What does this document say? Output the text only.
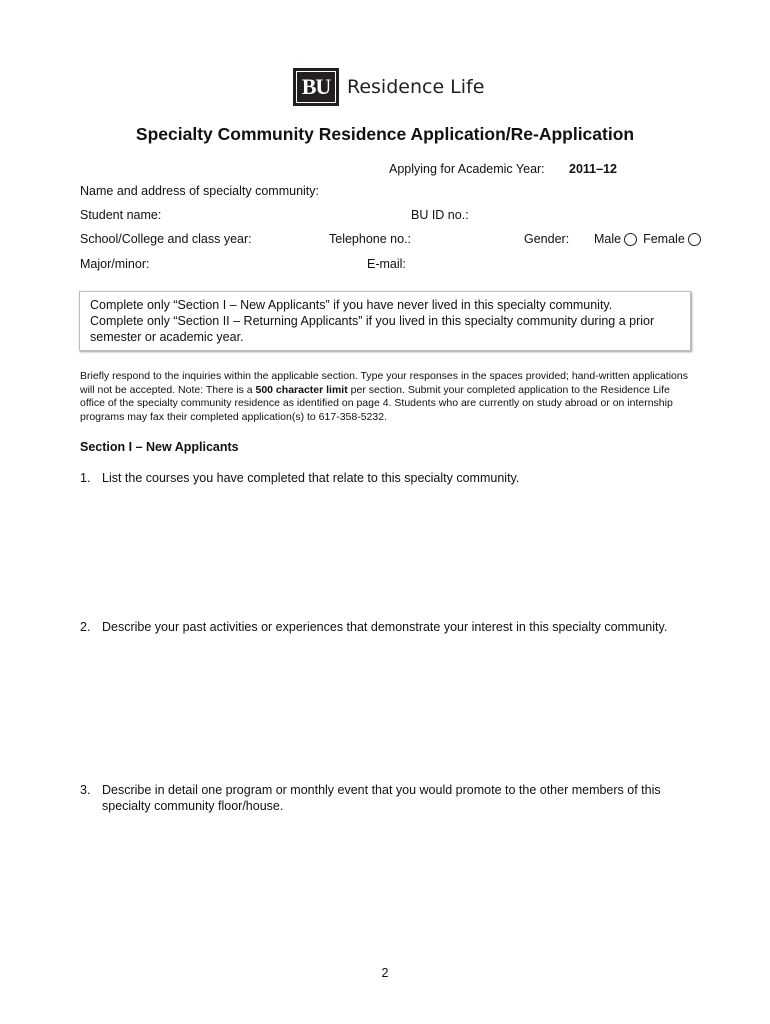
BU Residence Life
Specialty Community Residence Application/Re-Application
Applying for Academic Year: 2011–12
Name and address of specialty community:
Student name:	BU ID no.:
School/College and class year:	Telephone no.:	Gender: Male Female
Major/minor:	E-mail:
Complete only “Section I – New Applicants” if you have never lived in this specialty community.
Complete only “Section II – Returning Applicants” if you lived in this specialty community during a prior semester or academic year.
Briefly respond to the inquiries within the applicable section. Type your responses in the spaces provided; hand-written applications will not be accepted. Note: There is a 500 character limit per section. Submit your completed application to the Residence Life office of the specialty community residence as identified on page 4. Students who are currently on study abroad or on internship programs may fax their completed application(s) to 617-358-5232.
Section I – New Applicants
1. List the courses you have completed that relate to this specialty community.
2. Describe your past activities or experiences that demonstrate your interest in this specialty community.
3. Describe in detail one program or monthly event that you would promote to the other members of this specialty community floor/house.
2
